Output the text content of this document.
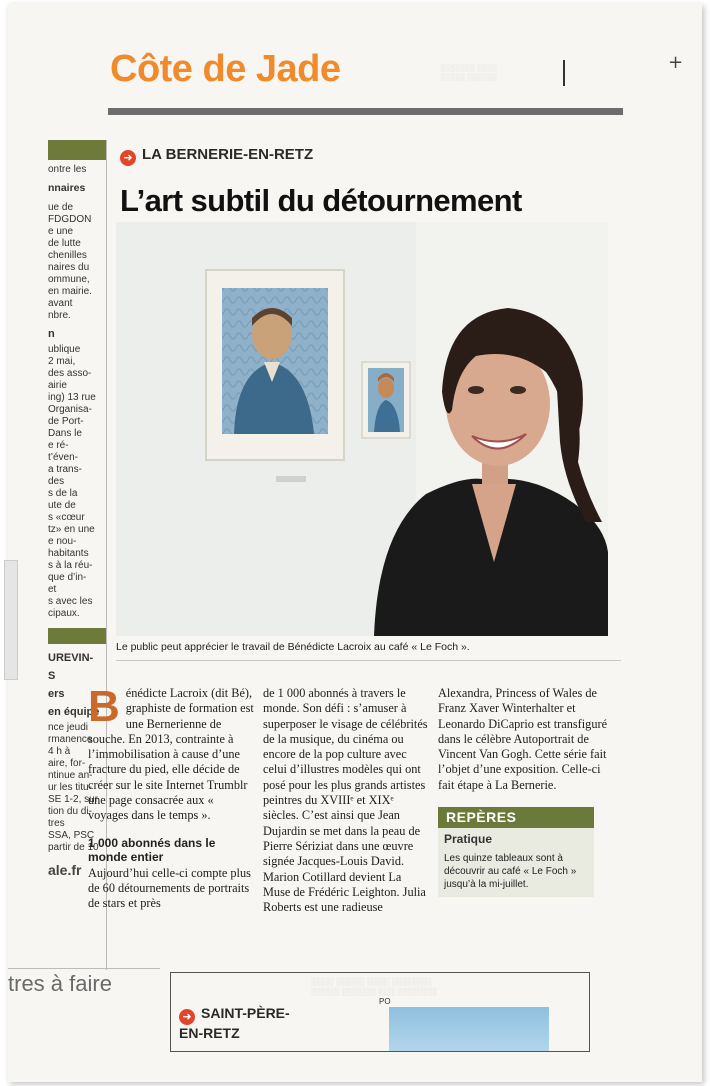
Côte de Jade	░░░░░░░ ░░░░
░░░░░ ░░░░░░
+
ontre les
nnaires
ue de
FDGDON
e une
de lutte
chenilles
naires du
ommune,
en mairie.
avant
nbre.
n
ublique
2 mai,
des asso-
airie
ing) 13 rue
Organisa-
de Port-
Dans le
e ré-
t’éven-
a trans-
des
s de la
ute de
s «cœur
tz» en une
e nou-
habitants
s à la réu-
que d’in-
et
s avec les
cipaux.
UREVIN-
S
ers
en équipe
nce jeudi
rmanence
4 h à
aire, for-
ntinue an-
ur les titu-
SE 1-2, sur
tion du di-
tres
SSA, PSC
partir de 10
ale.fr
➜ LA BERNERIE-EN-RETZ
L’art subtil du détournement
Le public peut apprécier le travail de Bénédicte Lacroix au café « Le Foch ».

Bénédicte Lacroix (dit Bé), graphiste de formation est une Bernerienne de souche. En 2013, contrainte à l’immobilisation à cause d’une fracture du pied, elle décide de créer sur le site Internet Trumblr une page consacrée aux « voyages dans le temps ».

1 000 abonnés dans le monde entier

Aujourd’hui celle-ci compte plus de 60 détournements de portraits de stars et près

de 1 000 abonnés à travers le monde. Son défi : s’amuser à superposer le visage de célébrités de la musique, du cinéma ou encore de la pop culture avec celui d’illustres modèles qui ont posé pour les plus grands artistes peintres du XVIIIᵉ et XIXᵉ siècles. C’est ainsi que Jean Dujardin se met dans la peau de Pierre Sériziat dans une œuvre signée Jacques-Louis David. Marion Cotillard devient La Muse de Frédéric Leighton. Julia Roberts est une radieuse

Alexandra, Princess of Wales de Franz Xaver Winterhalter et Leonardo DiCaprio est transfiguré dans le célèbre Autoportrait de Vincent Van Gogh. Cette série fait l’objet d’une exposition. Celle-ci fait étape à La Bernerie.

REPÈRES
Pratique
Les quinze tableaux sont à découvrir au café « Le Foch » jusqu’à la mi-juillet.
tres à faire	░░░░ ░░░░░ ░░░░ ░░░░░░░
░░░░░ ░░░░░░ ░░░ ░░░░░░░
➜ SAINT-PÈRE-
EN-RETZ
PO
